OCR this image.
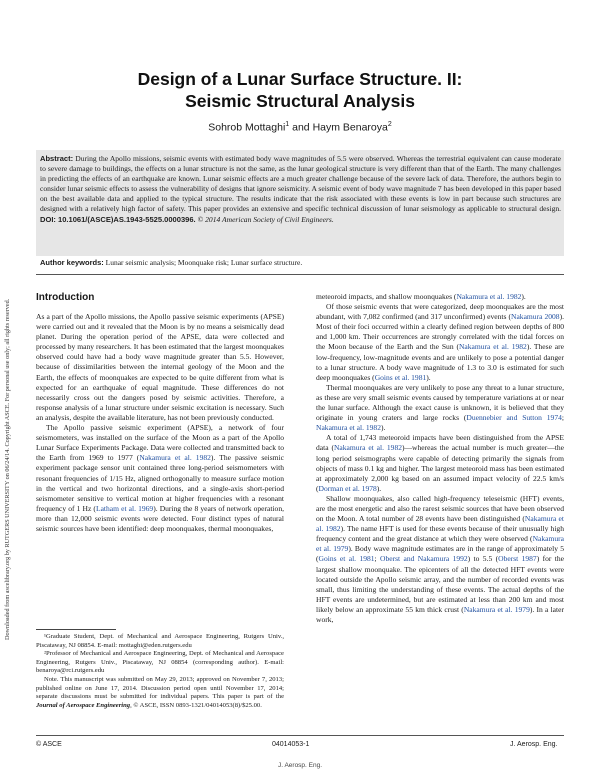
Downloaded from ascelibrary.org by RUTGERS UNIVERSITY on 06/24/14. Copyright ASCE. For personal use only; all rights reserved.
Design of a Lunar Surface Structure. II:
Seismic Structural Analysis
Sohrob Mottaghi$^1$ and Haym Benaroya$^2$
Abstract: During the Apollo missions, seismic events with estimated body wave magnitudes of 5.5 were observed. Whereas the terrestrial equivalent can cause moderate to severe damage to buildings, the effects on a lunar structure is not the same, as the lunar geological structure is very different than that of the Earth. The many challenges in predicting the effects of an earthquake are known. Lunar seismic effects are a much greater challenge because of the severe lack of data. Therefore, the authors begin to consider lunar seismic effects to assess the vulnerability of designs that ignore seismicity. A seismic event of body wave magnitude 7 has been developed in this paper based on the best available data and applied to the typical structure. The results indicate that the risk associated with these events is low in part because such structures are designed with a relatively high factor of safety. This paper provides an extensive and specific technical discussion of lunar seismology as applicable to structural design. DOI: 10.1061/(ASCE)AS.1943-5525.0000396. © 2014 American Society of Civil Engineers.
Author keywords: Lunar seismic analysis; Moonquake risk; Lunar surface structure.
Introduction

As a part of the Apollo missions, the Apollo passive seismic experiments (APSE) were carried out and it revealed that the Moon is by no means a seismically dead planet. During the operation period of the APSE, data were collected and processed by many researchers. It has been estimated that the largest moonquakes observed could have had a body wave magnitude greater than 5.5. However, because of dissimilarities between the internal geology of the Moon and the Earth, the effects of moonquakes are expected to be quite different from what is expected for an earthquake of equal magnitude. These differences do not necessarily cross out the dangers posed by seismic activities. Therefore, a response analysis of a lunar structure under seismic excitation is necessary. Such an analysis, despite the available literature, has not been previously conducted.

The Apollo passive seismic experiment (APSE), a network of four seismometers, was installed on the surface of the Moon as a part of the Apollo Lunar Surface Experiments Package. Data were collected and transmitted back to the Earth from 1969 to 1977 (Nakamura et al. 1982). The passive seismic experiment package sensor unit contained three long-period seismometers with resonant frequencies of 1/15 Hz, aligned orthogonally to measure surface motion in the vertical and two horizontal directions, and a single-axis short-period seismometer sensitive to vertical motion at higher frequencies with a resonant frequency of 1 Hz (Latham et al. 1969). During the 8 years of network operation, more than 12,000 seismic events were detected. Four distinct types of natural seismic sources have been identified: deep moonquakes, thermal moonquakes,

¹Graduate Student, Dept. of Mechanical and Aerospace Engineering, Rutgers Univ., Piscataway, NJ 08854. E-mail: mottaghi@eden.rutgers.edu

²Professor of Mechanical and Aerospace Engineering, Dept. of Mechanical and Aerospace Engineering, Rutgers Univ., Piscataway, NJ 08854 (corresponding author). E-mail: benaroya@rci.rutgers.edu

Note. This manuscript was submitted on May 29, 2013; approved on November 7, 2013; published online on June 17, 2014. Discussion period open until November 17, 2014; separate discussions must be submitted for individual papers. This paper is part of the Journal of Aerospace Engineering, © ASCE, ISSN 0893-1321/04014053(8)/$25.00.

meteoroid impacts, and shallow moonquakes (Nakamura et al. 1982).

Of those seismic events that were categorized, deep moonquakes are the most abundant, with 7,082 confirmed (and 317 unconfirmed) events (Nakamura 2008). Most of their foci occurred within a clearly defined region between depths of 800 and 1,000 km. Their occurrences are strongly correlated with the tidal forces on the Moon because of the Earth and the Sun (Nakamura et al. 1982). These are low-frequency, low-magnitude events and are unlikely to pose a potential danger to a lunar structure. A body wave magnitude of 1.3 to 3.0 is estimated for such deep moonquakes (Goins et al. 1981).

Thermal moonquakes are very unlikely to pose any threat to a lunar structure, as these are very small seismic events caused by temperature variations at or near the lunar surface. Although the exact cause is unknown, it is believed that they originate in young craters and large rocks (Duennebier and Sutton 1974; Nakamura et al. 1982).

A total of 1,743 meteoroid impacts have been distinguished from the APSE data (Nakamura et al. 1982)—whereas the actual number is much greater—the long period seismographs were capable of detecting primarily the signals from objects of mass 0.1 kg and higher. The largest meteoroid mass has been estimated at approximately 2,000 kg based on an assumed impact velocity of 22.5 km/s (Dorman et al. 1978).

Shallow moonquakes, also called high-frequency teleseismic (HFT) events, are the most energetic and also the rarest seismic sources that have been observed on the Moon. A total number of 28 events have been distinguished (Nakamura et al. 1982). The name HFT is used for these events because of their unusually high frequency content and the great distance at which they were observed (Nakamura et al. 1979). Body wave magnitude estimates are in the range of approximately 5 (Goins et al. 1981; Oberst and Nakamura 1992) to 5.5 (Oberst 1987) for the largest shallow moonquake. The epicenters of all the detected HFT events were located outside the Apollo seismic array, and the number of recorded events was small, thus limiting the understanding of these events. The actual depths of the HFT events are undetermined, but are estimated at less than 200 km and most likely below an approximate 55 km thick crust (Nakamura et al. 1979). In a later work,

© ASCE	04014053-1	J. Aerosp. Eng.
J. Aerosp. Eng.
